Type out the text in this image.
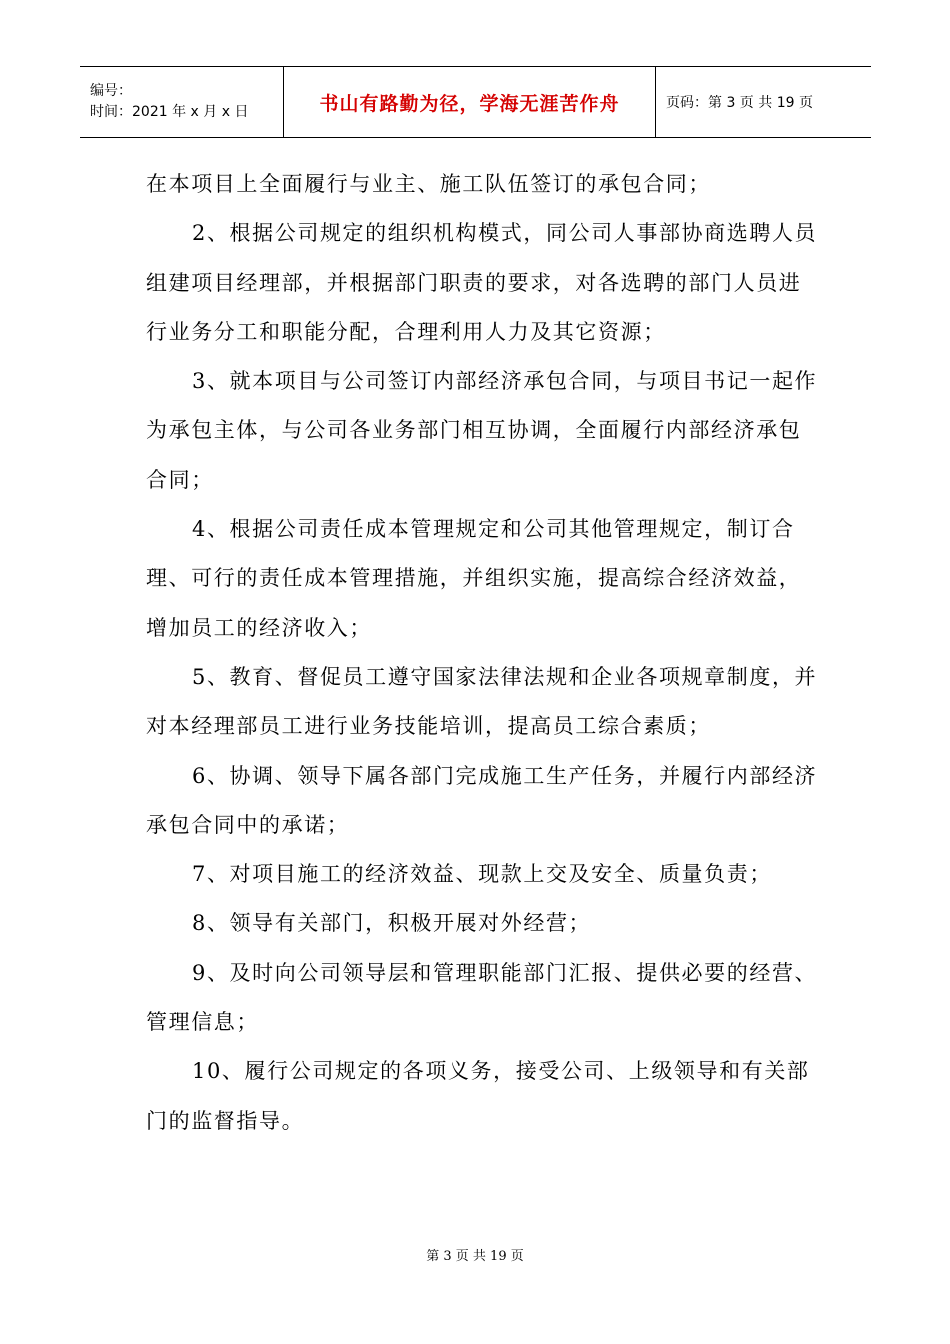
编号：
时间：2021 年 x 月 x 日	书山有路勤为径，学海无涯苦作舟	页码：第 3 页 共 19 页

在本项目上全面履行与业主、施工队伍签订的承包合同；

2、根据公司规定的组织机构模式，同公司人事部协商选聘人员组建项目经理部，并根据部门职责的要求，对各选聘的部门人员进行业务分工和职能分配，合理利用人力及其它资源；

3、就本项目与公司签订内部经济承包合同，与项目书记一起作为承包主体，与公司各业务部门相互协调，全面履行内部经济承包合同；

4、根据公司责任成本管理规定和公司其他管理规定，制订合理、可行的责任成本管理措施，并组织实施，提高综合经济效益，增加员工的经济收入；

5、教育、督促员工遵守国家法律法规和企业各项规章制度，并对本经理部员工进行业务技能培训，提高员工综合素质；

6、协调、领导下属各部门完成施工生产任务，并履行内部经济承包合同中的承诺；

7、对项目施工的经济效益、现款上交及安全、质量负责；

8、领导有关部门，积极开展对外经营；

9、及时向公司领导层和管理职能部门汇报、提供必要的经营、管理信息；

10、履行公司规定的各项义务，接受公司、上级领导和有关部门的监督指导。

第 3 页 共 19 页
